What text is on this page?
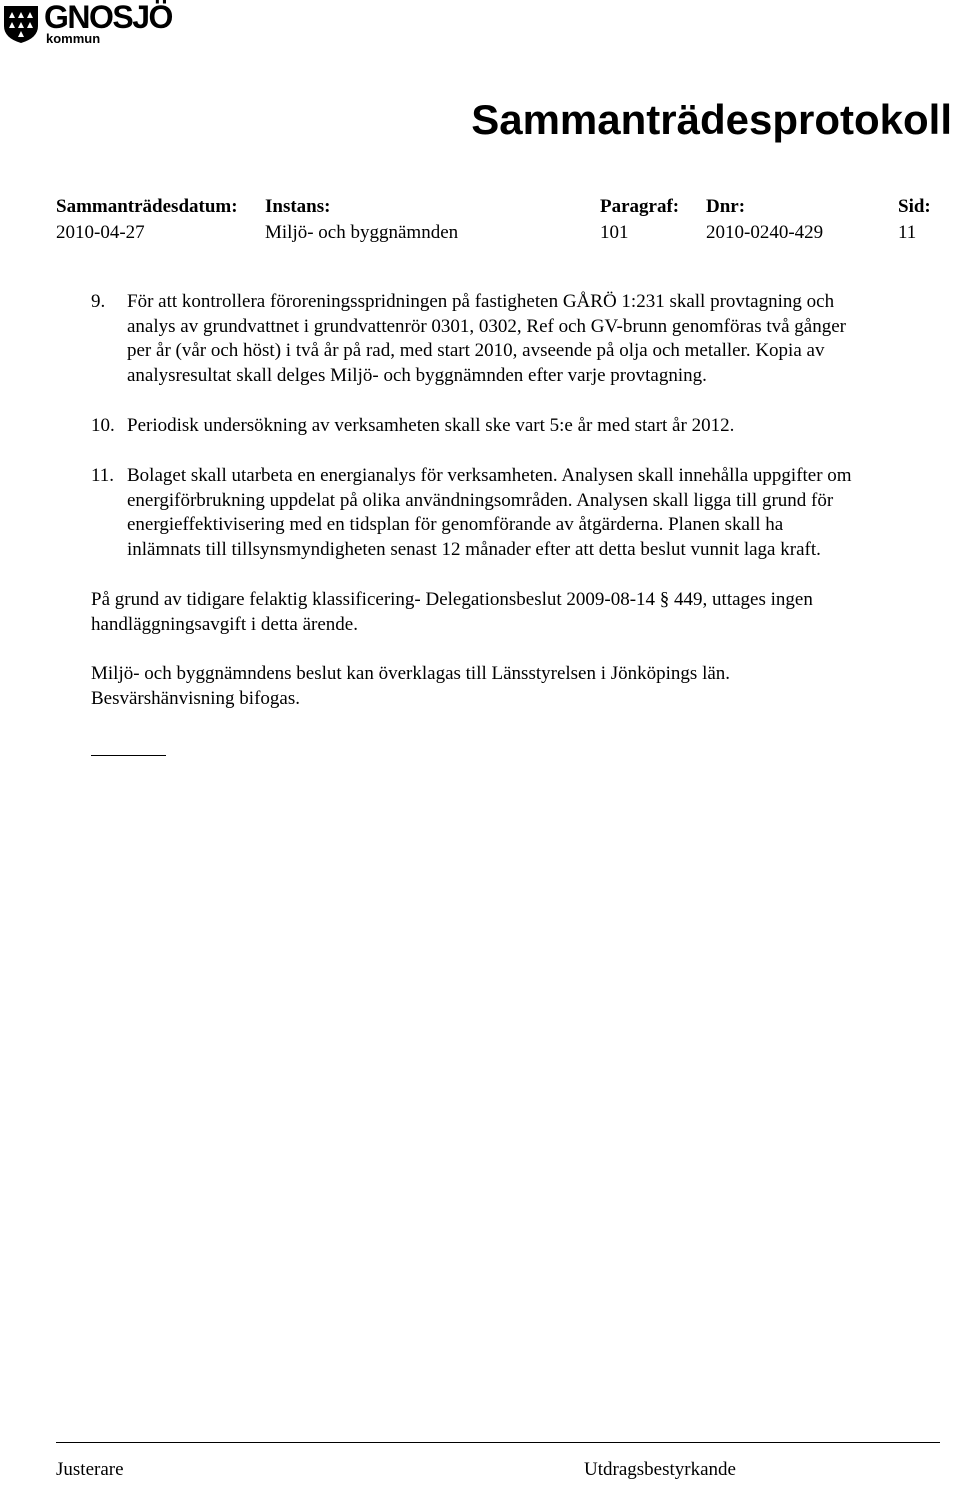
GNOSJÖ
kommun
Sammanträdesprotokoll
Sammanträdesdatum:
2010-04-27
Instans:
Miljö- och byggnämnden
Paragraf:
101
Dnr:
2010-0240-429
Sid:
11
9. För att kontrollera föroreningsspridningen på fastigheten GÅRÖ 1:231 skall provtagning och
analys av grundvattnet i grundvattenrör 0301, 0302, Ref och GV-brunn genomföras två gånger
per år (vår och höst) i två år på rad, med start 2010, avseende på olja och metaller. Kopia av
analysresultat skall delges Miljö- och byggnämnden efter varje provtagning.
10. Periodisk undersökning av verksamheten skall ske vart 5:e år med start år 2012.
11. Bolaget skall utarbeta en energianalys för verksamheten. Analysen skall innehålla uppgifter om
energiförbrukning uppdelat på olika användningsområden. Analysen skall ligga till grund för
energieffektivisering med en tidsplan för genomförande av åtgärderna. Planen skall ha
inlämnats till tillsynsmyndigheten senast 12 månader efter att detta beslut vunnit laga kraft.
På grund av tidigare felaktig klassificering- Delegationsbeslut 2009-08-14 § 449, uttages ingen
handläggningsavgift i detta ärende.
Miljö- och byggnämndens beslut kan överklagas till Länsstyrelsen i Jönköpings län.
Besvärshänvisning bifogas.
Justerare	Utdragsbestyrkande
